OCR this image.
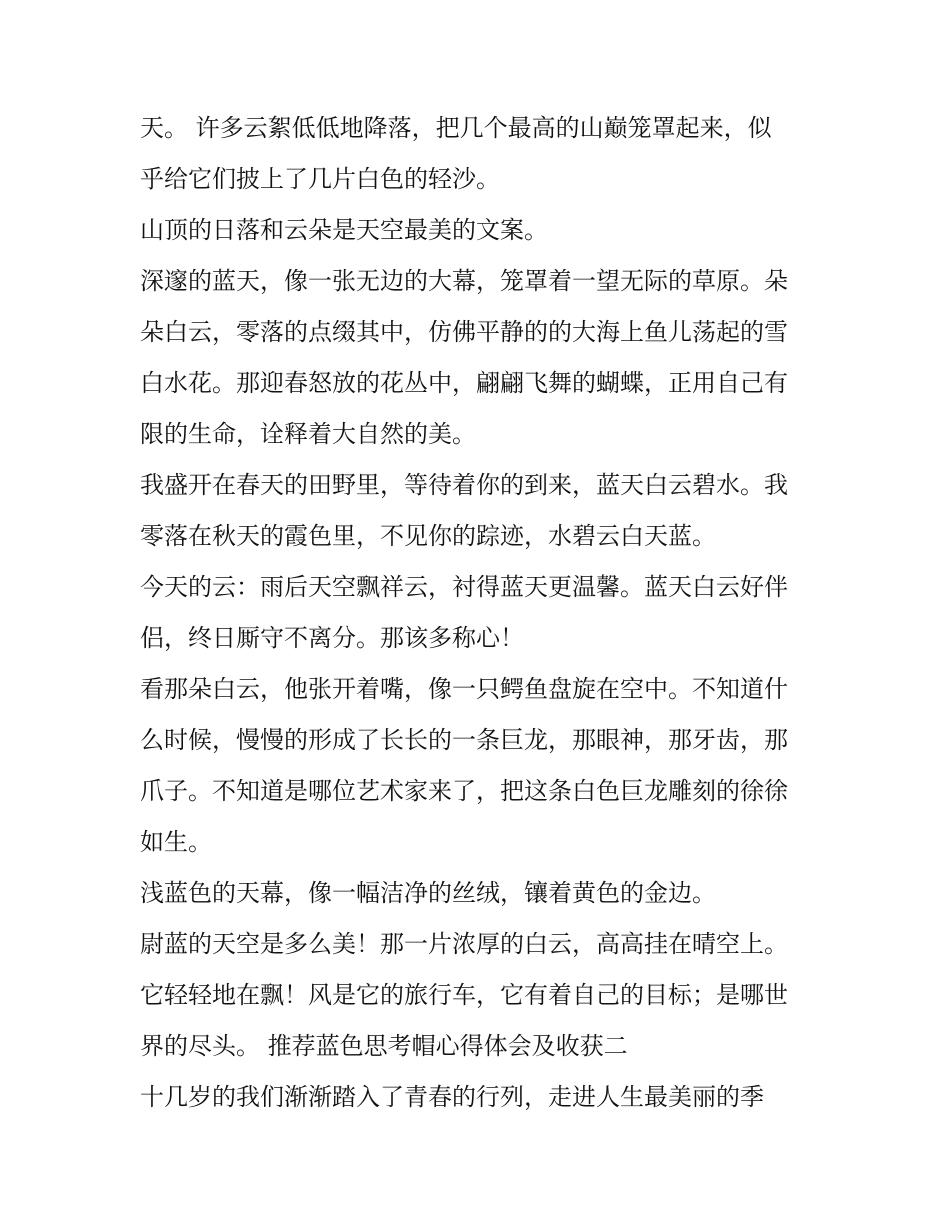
天。 许多云絮低低地降落，把几个最高的山巅笼罩起来，似
乎给它们披上了几片白色的轻沙。
山顶的日落和云朵是天空最美的文案。
深邃的蓝天，像一张无边的大幕，笼罩着一望无际的草原。朵
朵白云，零落的点缀其中，仿佛平静的的大海上鱼儿荡起的雪
白水花。那迎春怒放的花丛中，翩翩飞舞的蝴蝶，正用自己有
限的生命，诠释着大自然的美。
我盛开在春天的田野里，等待着你的到来，蓝天白云碧水。我
零落在秋天的霞色里，不见你的踪迹，水碧云白天蓝。
今天的云：雨后天空飘祥云，衬得蓝天更温馨。蓝天白云好伴
侣，终日厮守不离分。那该多称心！
看那朵白云，他张开着嘴，像一只鳄鱼盘旋在空中。不知道什
么时候，慢慢的形成了长长的一条巨龙，那眼神，那牙齿，那
爪子。不知道是哪位艺术家来了，把这条白色巨龙雕刻的徐徐
如生。
浅蓝色的天幕，像一幅洁净的丝绒，镶着黄色的金边。
尉蓝的天空是多么美！那一片浓厚的白云，高高挂在晴空上。
它轻轻地在飘！风是它的旅行车，它有着自己的目标；是哪世
界的尽头。 推荐蓝色思考帽心得体会及收获二
十几岁的我们渐渐踏入了青春的行列，走进人生最美丽的季
